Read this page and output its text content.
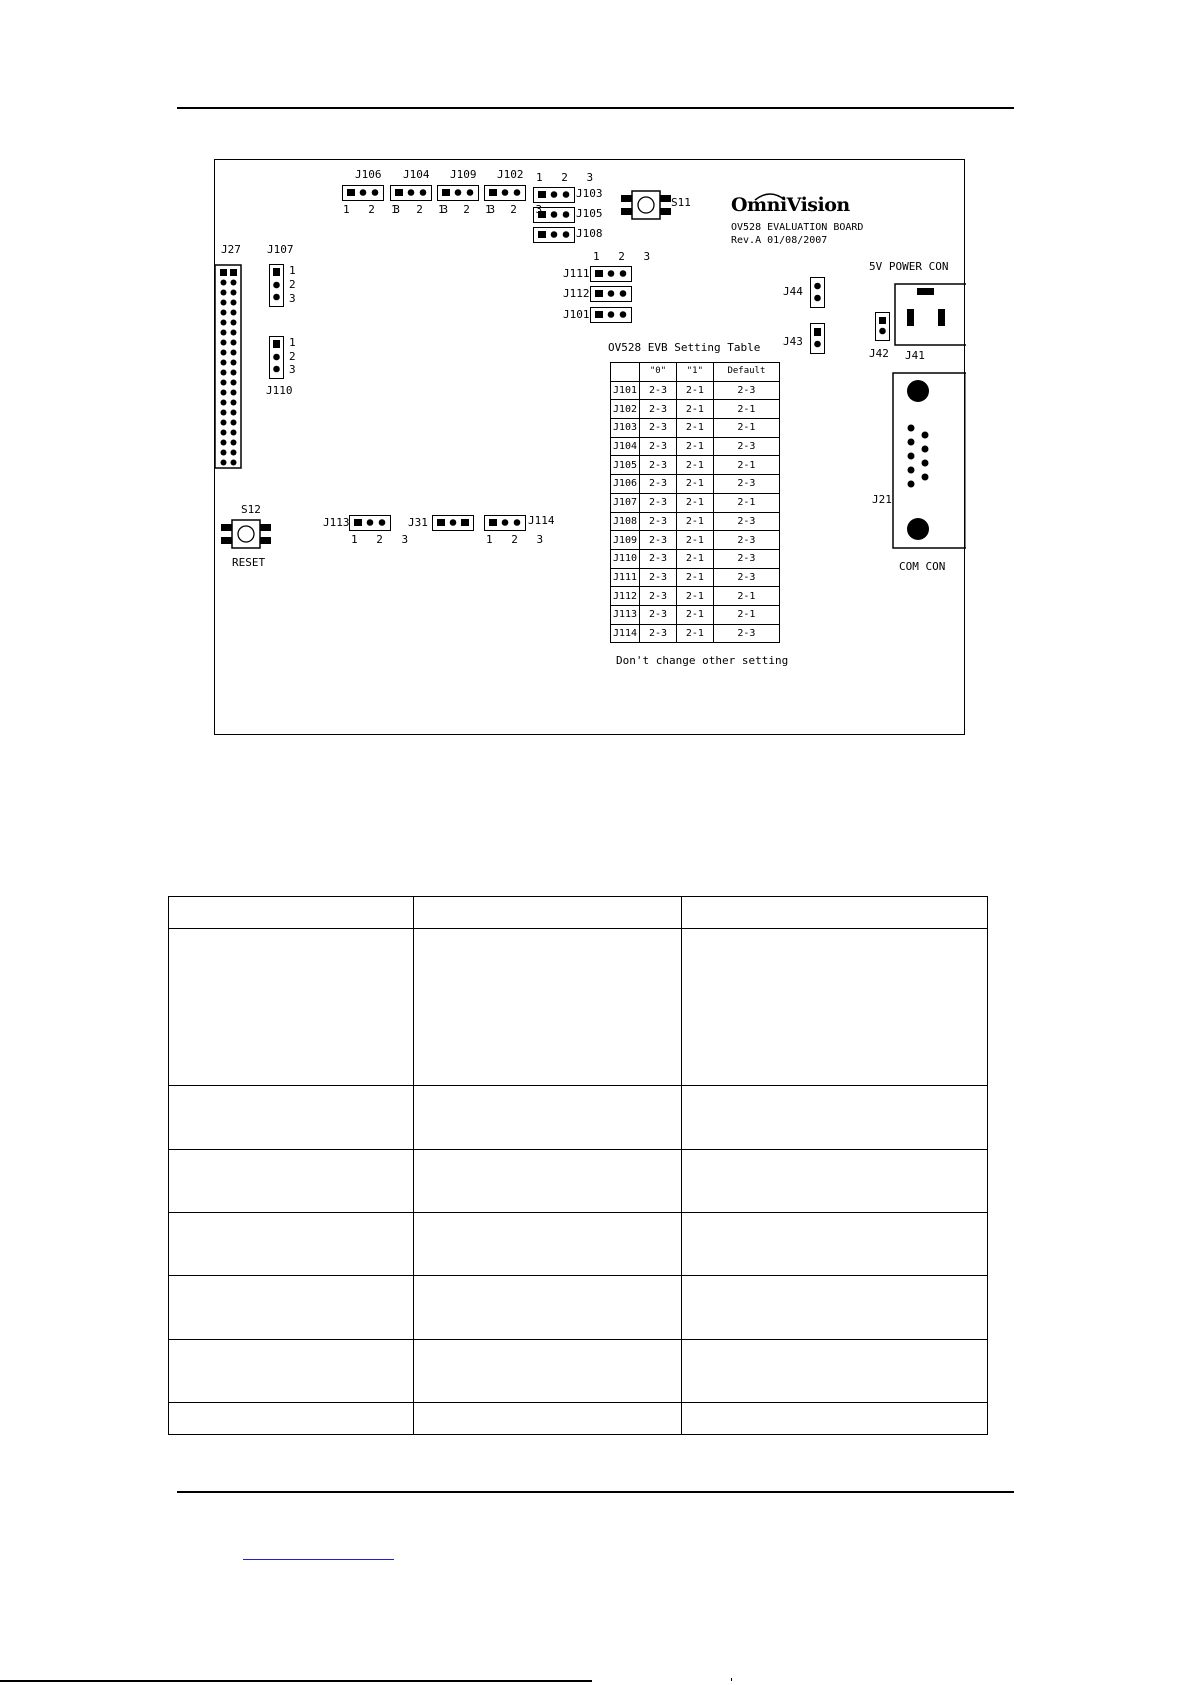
J106 J104 J109 J102
1 2 3
1 2 3
1 2 3
1 2 3
1 2 3
J103
J105
J108
S11 OmniVision
OV528 EVALUATION BOARD
Rev.A 01/08/2007
J27 J107
1
2
3
1
2
3
J110
1 2 3
J111
J112
J101
5V POWER CON
J44
J43
J42 J41
J21
COM CON
S12
RESET
J113
1 2 3
J31	J114
1 2 3
OV528 EVB Setting Table
	"0"	"1"	Default
J101	2-3	2-1	2-3
J102	2-3	2-1	2-1
J103	2-3	2-1	2-1
J104	2-3	2-1	2-3
J105	2-3	2-1	2-1
J106	2-3	2-1	2-3
J107	2-3	2-1	2-1
J108	2-3	2-1	2-3
J109	2-3	2-1	2-3
J110	2-3	2-1	2-3
J111	2-3	2-1	2-3
J112	2-3	2-1	2-1
J113	2-3	2-1	2-1
J114	2-3	2-1	2-3
Don't change other setting
